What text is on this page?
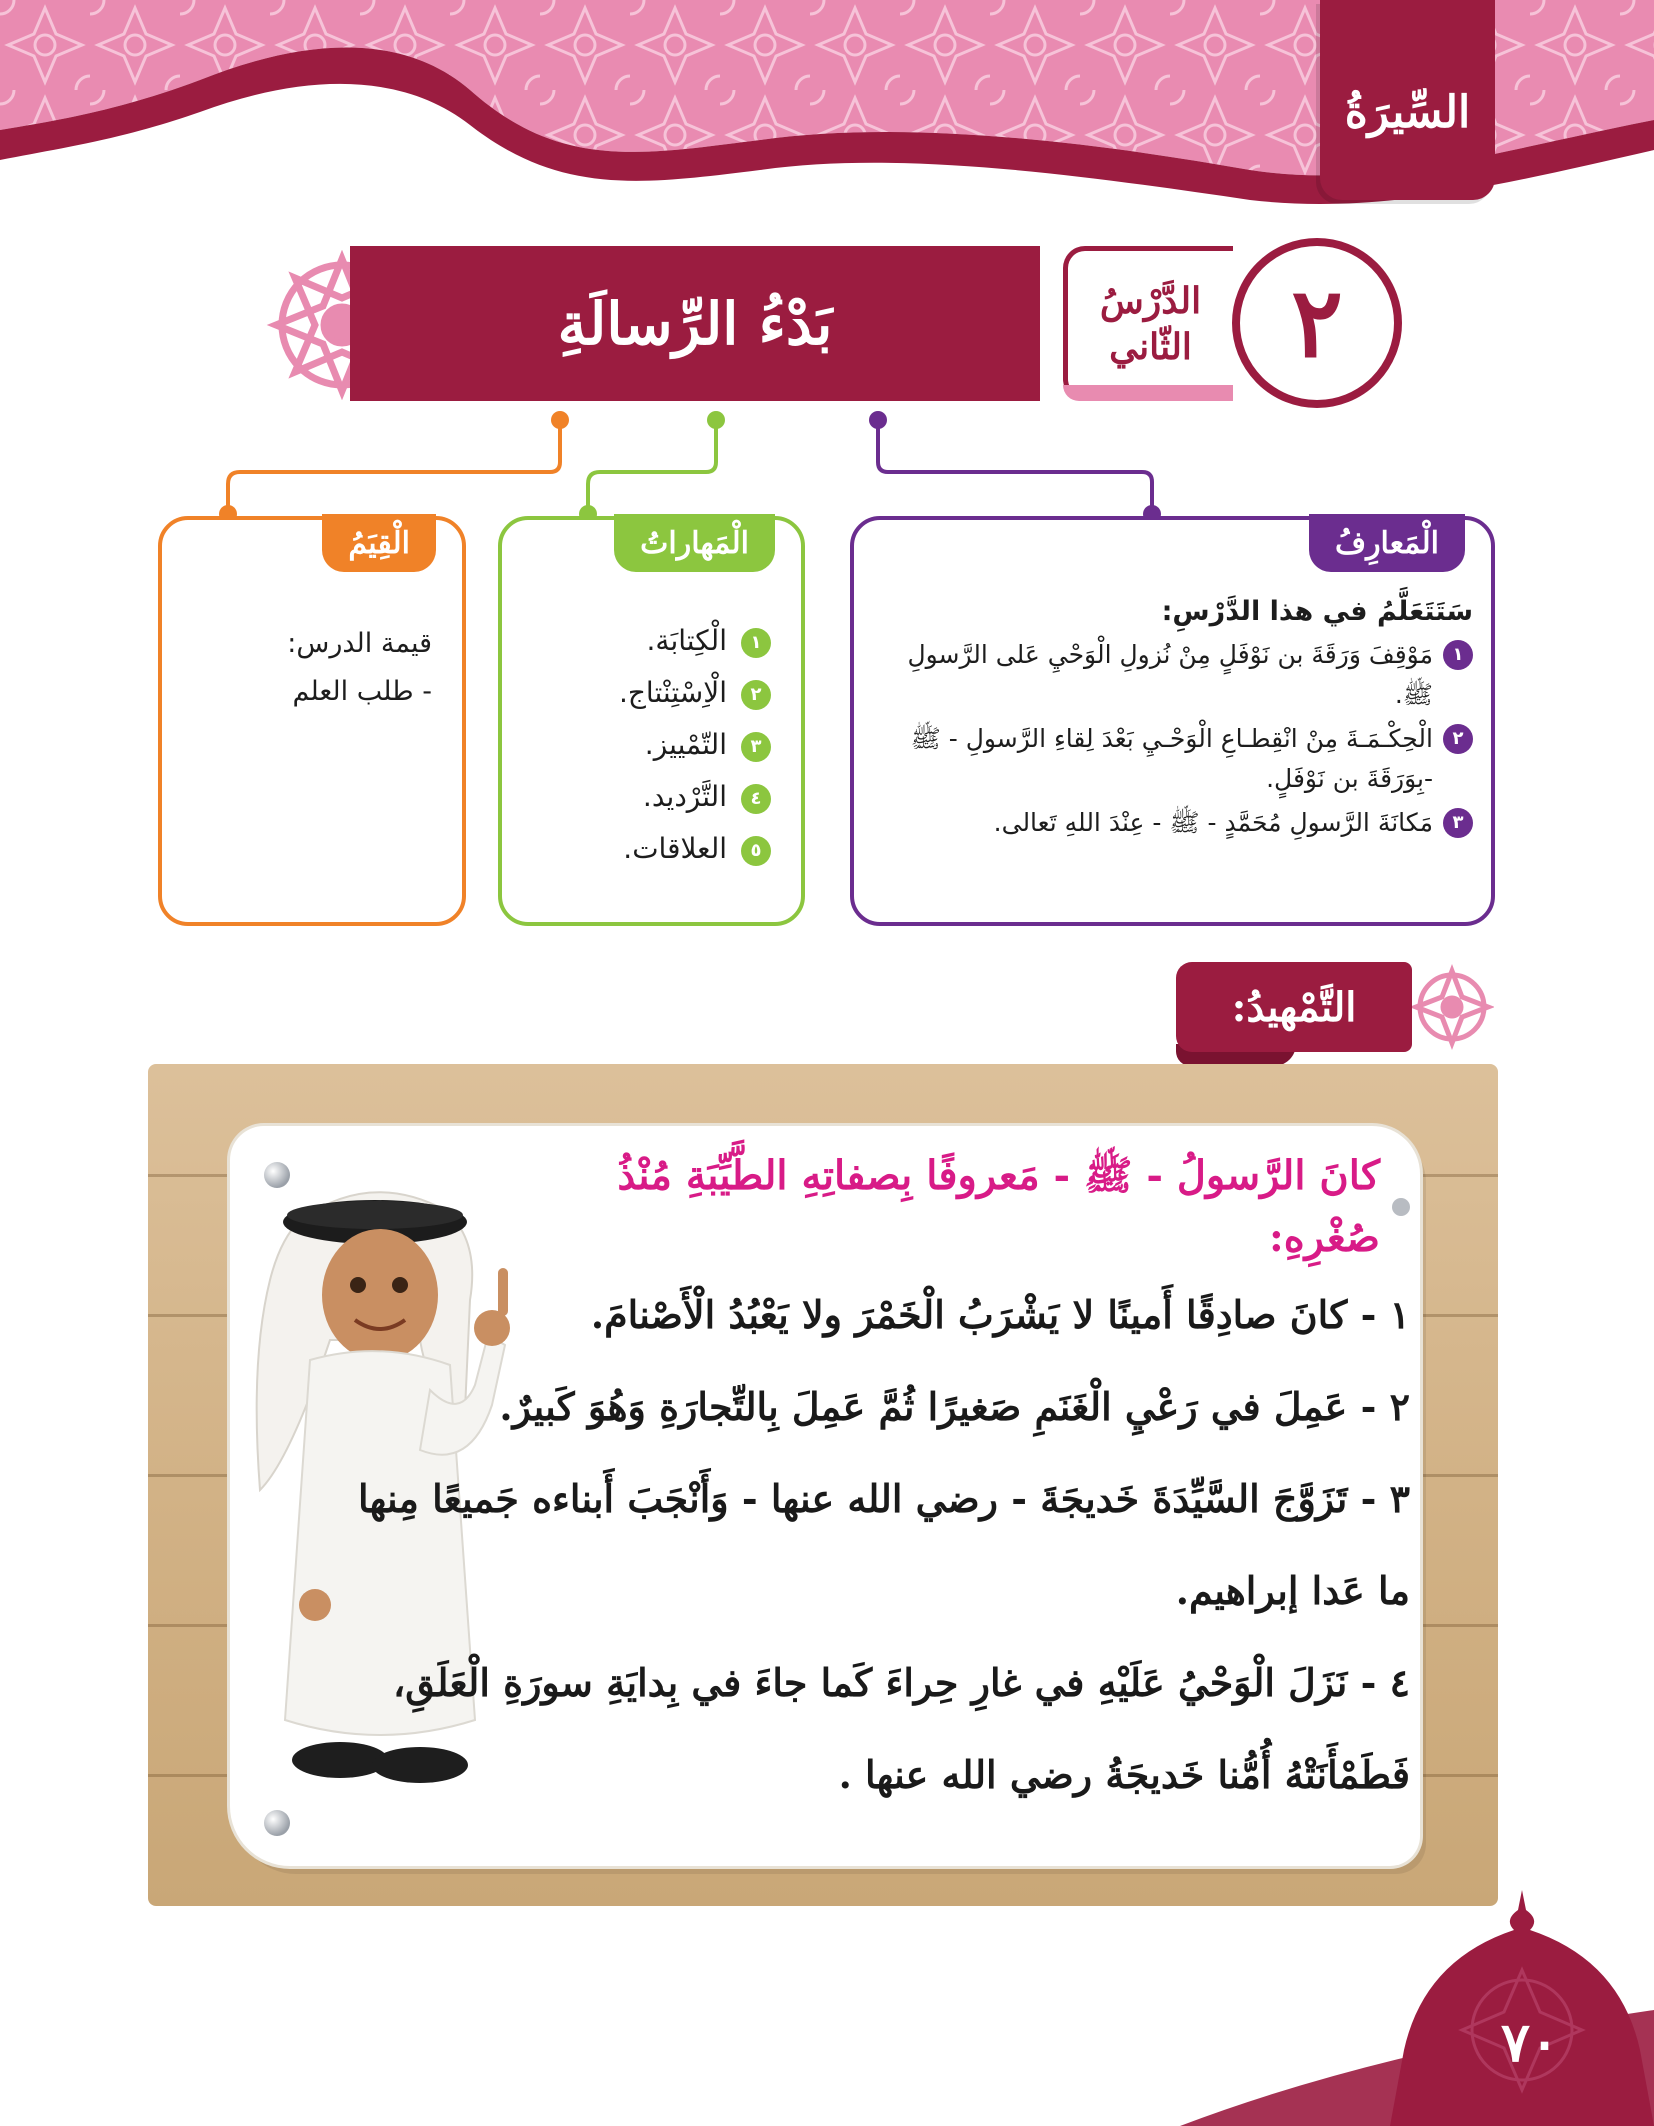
السِّيرَةُ
بَدْءُ الرِّسالَةِ	الدَّرْسُ
الثّاني ٢
الْمَعارِفُ
سَتَتَعَلَّمُ في هذا الدَّرْسِ:
١
مَوْقِفَ وَرَقَةَ بن نَوْفَلٍ مِنْ نُزولِ الْوَحْيِ عَلى الرَّسولِ ﷺ.
٢
الْحِكْـمَـةَ مِنْ انْقِطـاعِ الْوَحْـيِ بَعْدَ لِقاءِ الرَّسولِ - ﷺ -بِوَرَقَةَ بن نَوْفَلٍ.
٣
مَكانَةَ الرَّسولِ مُحَمَّدٍ - ﷺ - عِنْدَ اللهِ تَعالى.
الْمَهاراتُ
١
الْكِتابَة.
٢
الْاِسْتِنْتاج.
٣
التّمْييز.
٤
التَّرْديد.
٥
العلاقات.
الْقِيَمُ
قيمة الدرس:
- طلب العلم
التَّمْهيدُ:
كانَ الرَّسولُ - ﷺ - مَعروفًا بِصفاتِهِ الطَّيِّبَةِ مُنْذُ صُغْرِهِ:
١ - كانَ صادِقًا أَمينًا لا يَشْرَبُ الْخَمْرَ ولا يَعْبُدُ الْأَصْنامَ.
٢ - عَمِلَ في رَعْيِ الْغَنَمِ صَغيرًا ثُمَّ عَمِلَ بِالتِّجارَةِ وَهُوَ كَبيرٌ.
٣ - تَزَوَّجَ السَّيِّدَةَ خَديجَةَ - رضي الله عنها - وَأَنْجَبَ أَبناءه جَميعًا مِنها
ما عَدا إبراهيم.
٤ - نَزَلَ الْوَحْيُ عَلَيْهِ في غارِ حِراءَ كَما جاءَ في بِدايَةِ سورَةِ الْعَلَقِ،
فَطَمْأَنَتْهُ أُمُّنا خَديجَةُ رضي الله عنها .
٧٠
